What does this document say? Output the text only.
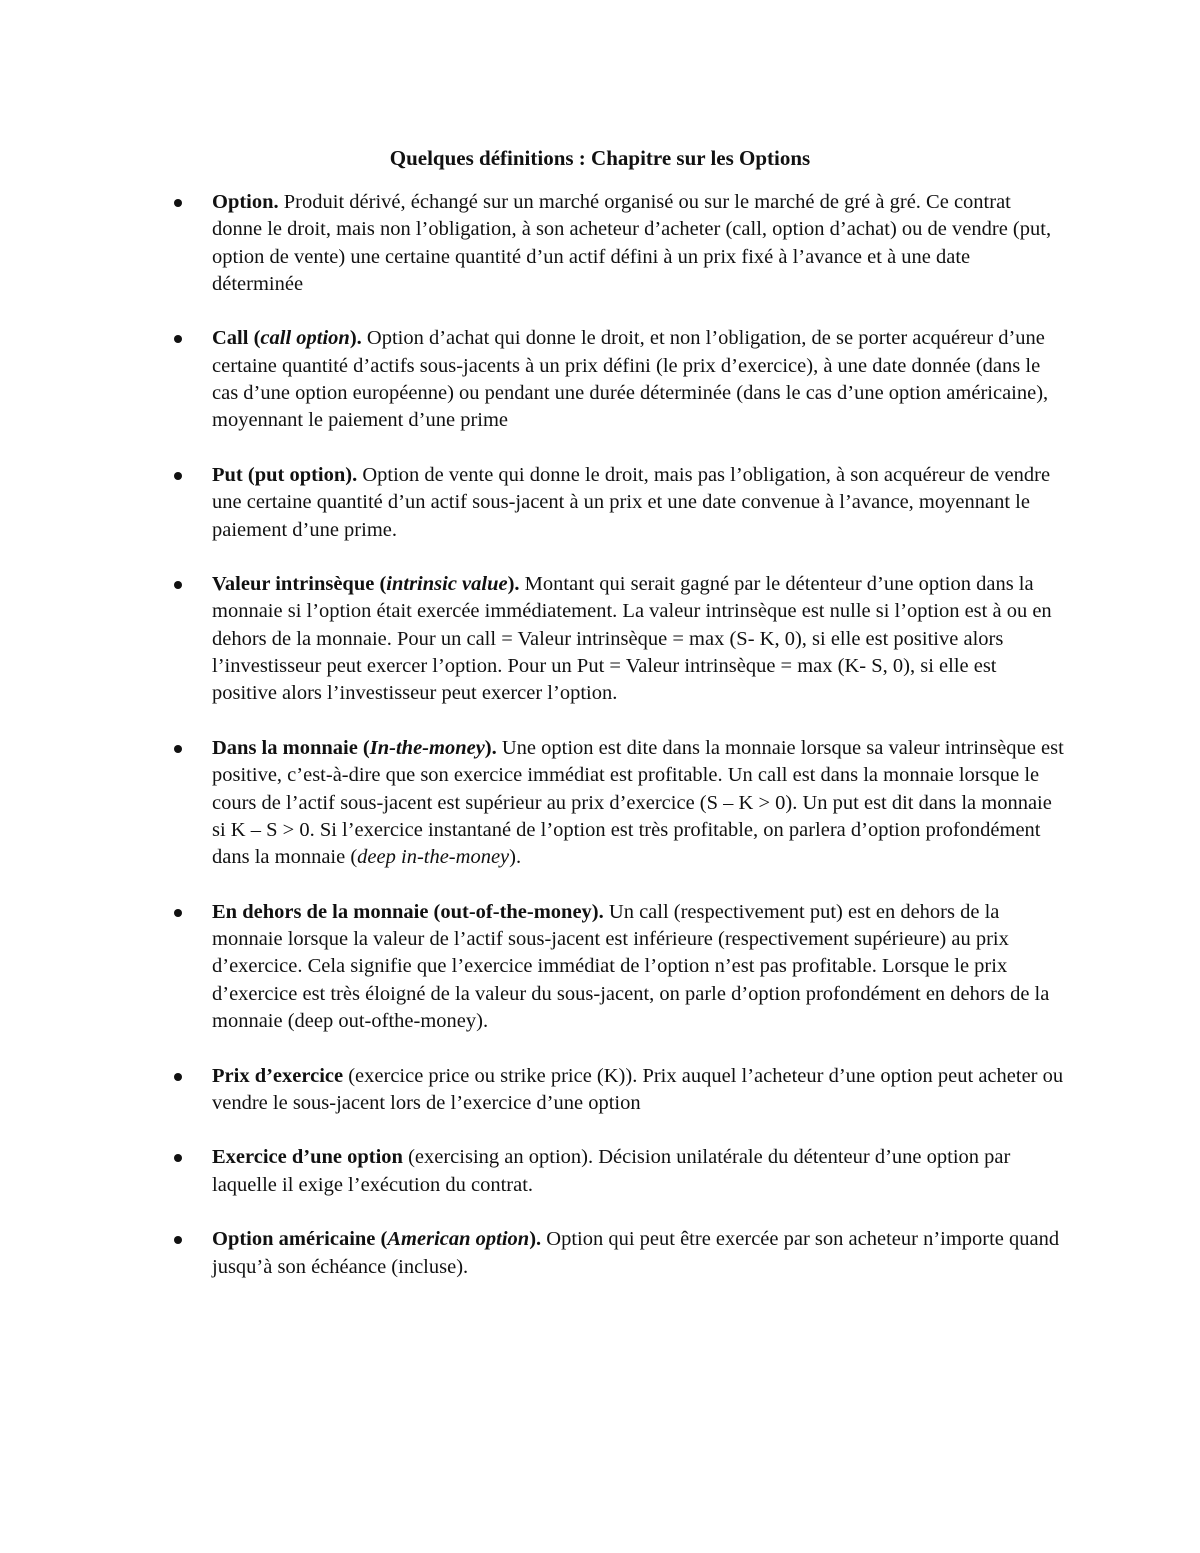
Quelques définitions : Chapitre sur les Options
Option. Produit dérivé, échangé sur un marché organisé ou sur le marché de gré à gré. Ce contrat donne le droit, mais non l’obligation, à son acheteur d’acheter (call, option d’achat) ou de vendre (put, option de vente) une certaine quantité d’un actif défini à un prix fixé à l’avance et à une date déterminée
Call (call option). Option d’achat qui donne le droit, et non l’obligation, de se porter acquéreur d’une certaine quantité d’actifs sous-jacents à un prix défini (le prix d’exercice), à une date donnée (dans le cas d’une option européenne) ou pendant une durée déterminée (dans le cas d’une option américaine), moyennant le paiement d’une prime
Put (put option). Option de vente qui donne le droit, mais pas l’obligation, à son acquéreur de vendre une certaine quantité d’un actif sous-jacent à un prix et une date convenue à l’avance, moyennant le paiement d’une prime.
Valeur intrinsèque (intrinsic value). Montant qui serait gagné par le détenteur d’une option dans la monnaie si l’option était exercée immédiatement. La valeur intrinsèque est nulle si l’option est à ou en dehors de la monnaie. Pour un call = Valeur intrinsèque = max (S- K, 0), si elle est positive alors l’investisseur peut exercer l’option. Pour un Put = Valeur intrinsèque = max (K- S, 0), si elle est positive alors l’investisseur peut exercer l’option.
Dans la monnaie (In-the-money). Une option est dite dans la monnaie lorsque sa valeur intrinsèque est positive, c’est-à-dire que son exercice immédiat est profitable. Un call est dans la monnaie lorsque le cours de l’actif sous-jacent est supérieur au prix d’exercice (S – K > 0). Un put est dit dans la monnaie si K – S > 0. Si l’exercice instantané de l’option est très profitable, on parlera d’option profondément dans la monnaie (deep in-the-money).
En dehors de la monnaie (out-of-the-money). Un call (respectivement put) est en dehors de la monnaie lorsque la valeur de l’actif sous-jacent est inférieure (respectivement supérieure) au prix d’exercice. Cela signifie que l’exercice immédiat de l’option n’est pas profitable. Lorsque le prix d’exercice est très éloigné de la valeur du sous-jacent, on parle d’option profondément en dehors de la monnaie (deep out-ofthe-money).
Prix d’exercice (exercice price ou strike price (K)). Prix auquel l’acheteur d’une option peut acheter ou vendre le sous-jacent lors de l’exercice d’une option
Exercice d’une option (exercising an option). Décision unilatérale du détenteur d’une option par laquelle il exige l’exécution du contrat.
Option américaine (American option). Option qui peut être exercée par son acheteur n’importe quand jusqu’à son échéance (incluse).
